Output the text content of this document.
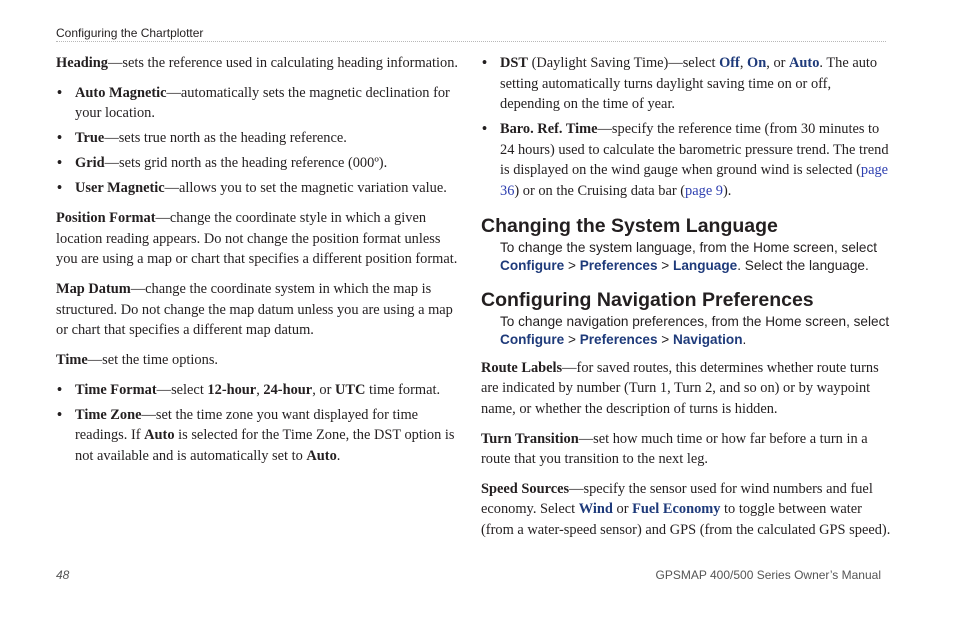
Configuring the Chartplotter

Heading—sets the reference used in calculating heading information.

• Auto Magnetic—automatically sets the magnetic declination for your location.
• True—sets true north as the heading reference.
• Grid—sets grid north as the heading reference (000º).
• User Magnetic—allows you to set the magnetic variation value.

Position Format—change the coordinate style in which a given location reading appears. Do not change the position format unless you are using a map or chart that specifies a different position format.

Map Datum—change the coordinate system in which the map is structured. Do not change the map datum unless you are using a map or chart that specifies a different map datum.

Time—set the time options.

• Time Format—select 12-hour, 24-hour, or UTC time format.
• Time Zone—set the time zone you want displayed for time readings. If Auto is selected for the Time Zone, the DST option is not available and is automatically set to Auto.
• DST (Daylight Saving Time)—select Off, On, or Auto. The auto setting automatically turns daylight saving time on or off, depending on the time of year.
• Baro. Ref. Time—specify the reference time (from 30 minutes to 24 hours) used to calculate the barometric pressure trend. The trend is displayed on the wind gauge when ground wind is selected (page 36) or on the Cruising data bar (page 9).
Changing the System Language
To change the system language, from the Home screen, select
Configure > Preferences > Language. Select the language.
Configuring Navigation Preferences
To change navigation preferences, from the Home screen, select
Configure > Preferences > Navigation.

Route Labels—for saved routes, this determines whether route turns are indicated by number (Turn 1, Turn 2, and so on) or by waypoint name, or whether the description of turns is hidden.

Turn Transition—set how much time or how far before a turn in a route that you transition to the next leg.

Speed Sources—specify the sensor used for wind numbers and fuel economy. Select Wind or Fuel Economy to toggle between water (from a water-speed sensor) and GPS (from the calculated GPS speed).

48	GPSMAP 400/500 Series Owner’s Manual
